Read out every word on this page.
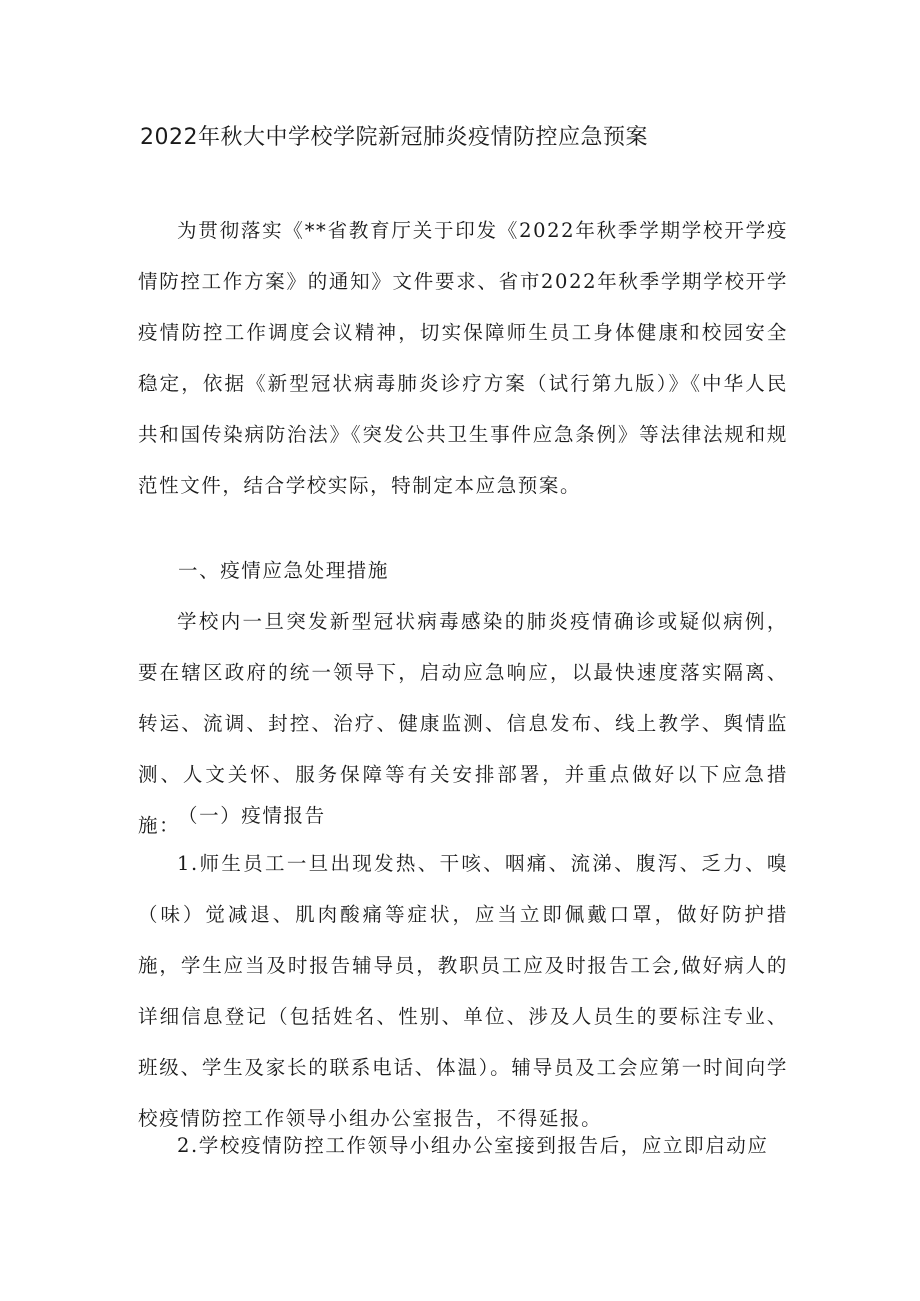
2022年秋大中学校学院新冠肺炎疫情防控应急预案

为贯彻落实《**省教育厅关于印发《2022年秋季学期学校开学疫情防控工作方案》的通知》文件要求、省市2022年秋季学期学校开学疫情防控工作调度会议精神，切实保障师生员工身体健康和校园安全稳定，依据《新型冠状病毒肺炎诊疗方案（试行第九版）》《中华人民共和国传染病防治法》《突发公共卫生事件应急条例》等法律法规和规范性文件，结合学校实际，特制定本应急预案。

一、疫情应急处理措施

学校内一旦突发新型冠状病毒感染的肺炎疫情确诊或疑似病例，要在辖区政府的统一领导下，启动应急响应，以最快速度落实隔离、转运、流调、封控、治疗、健康监测、信息发布、线上教学、舆情监测、人文关怀、服务保障等有关安排部署，并重点做好以下应急措施：

（一）疫情报告

1.师生员工一旦出现发热、干咳、咽痛、流涕、腹泻、乏力、嗅（味）觉减退、肌肉酸痛等症状，应当立即佩戴口罩，做好防护措施，学生应当及时报告辅导员，教职员工应及时报告工会,做好病人的详细信息登记（包括姓名、性别、单位、涉及人员生的要标注专业、班级、学生及家长的联系电话、体温）。辅导员及工会应第一时间向学校疫情防控工作领导小组办公室报告，不得延报。

2.学校疫情防控工作领导小组办公室接到报告后，应立即启动应
